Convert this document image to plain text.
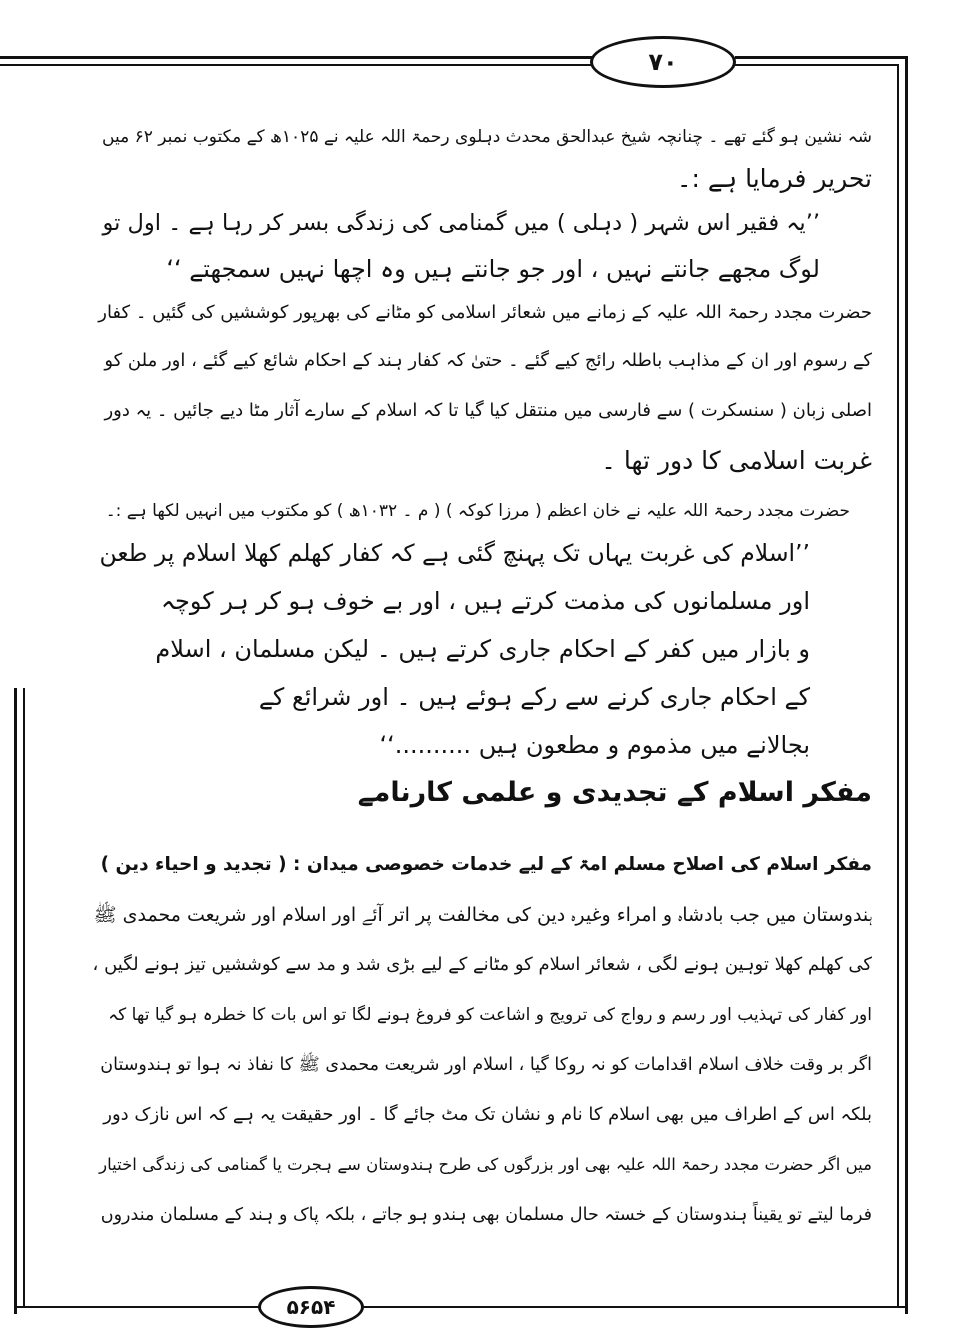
۷۰
شہ نشین ہو گئے تھے ۔ چنانچہ شیخ عبدالحق محدث دہلوی رحمۃ اللہ علیہ نے ۱۰۲۵ھ کے مکتوب نمبر ۶۲ میں
تحریر فرمایا ہے :۔
’’یہ فقیر اس شہر ( دہلی ) میں گمنامی کی زندگی بسر کر رہا ہے ۔ اول تو
لوگ مجھے جانتے نہیں ، اور جو جانتے ہیں وہ اچھا نہیں سمجھتے ‘‘
حضرت مجدد رحمۃ اللہ علیہ کے زمانے میں شعائر اسلامی کو مٹانے کی بھرپور کوششیں کی گئیں ۔ کفار
کے رسوم اور ان کے مذاہب باطلہ رائج کیے گئے ۔ حتیٰ کہ کفار ہند کے احکام شائع کیے گئے ، اور ملن کو
اصلی زبان ( سنسکرت ) سے فارسی میں منتقل کیا گیا تا کہ اسلام کے سارے آثار مٹا دیے جائیں ۔ یہ دور
غربت اسلامی کا دور تھا ۔
حضرت مجدد رحمۃ اللہ علیہ نے خان اعظم ( مرزا کوکہ ) ( م ۔ ۱۰۳۲ھ ) کو مکتوب میں انہیں لکھا ہے :۔
’’اسلام کی غربت یہاں تک پہنچ گئی ہے کہ کفار کھلم کھلا اسلام پر طعن
اور مسلمانوں کی مذمت کرتے ہیں ، اور بے خوف ہو کر ہر کوچہ
و بازار میں کفر کے احکام جاری کرتے ہیں ۔ لیکن مسلمان ، اسلام
کے احکام جاری کرنے سے رکے ہوئے ہیں ۔ اور شرائع کے
بجالانے میں مذموم و مطعون ہیں ..........‘‘
مفکر اسلام کے تجدیدی و علمی کارنامے
مفکر اسلام کی اصلاح مسلم امۃ کے لیے خدمات خصوصی میدان : ( تجدید و احیاء دین )
ہندوستان میں جب بادشاہ و امراء وغیرہ دین کی مخالفت پر اتر آئے اور اسلام اور شریعت محمدی ﷺ
کی کھلم کھلا توہین ہونے لگی ، شعائر اسلام کو مٹانے کے لیے بڑی شد و مد سے کوششیں تیز ہونے لگیں ،
اور کفار کی تہذیب اور رسم و رواج کی ترویج و اشاعت کو فروغ ہونے لگا تو اس بات کا خطرہ ہو گیا تھا کہ
اگر بر وقت خلاف اسلام اقدامات کو نہ روکا گیا ، اسلام اور شریعت محمدی ﷺ کا نفاذ نہ ہوا تو ہندوستان
بلکہ اس کے اطراف میں بھی اسلام کا نام و نشان تک مٹ جائے گا ۔ اور حقیقت یہ ہے کہ اس نازک دور
میں اگر حضرت مجدد رحمۃ اللہ علیہ بھی اور بزرگوں کی طرح ہندوستان سے ہجرت یا گمنامی کی زندگی اختیار
فرما لیتے تو یقیناً ہندوستان کے خستہ حال مسلمان بھی ہندو ہو جاتے ، بلکہ پاک و ہند کے مسلمان مندروں
۵۶۵۴
